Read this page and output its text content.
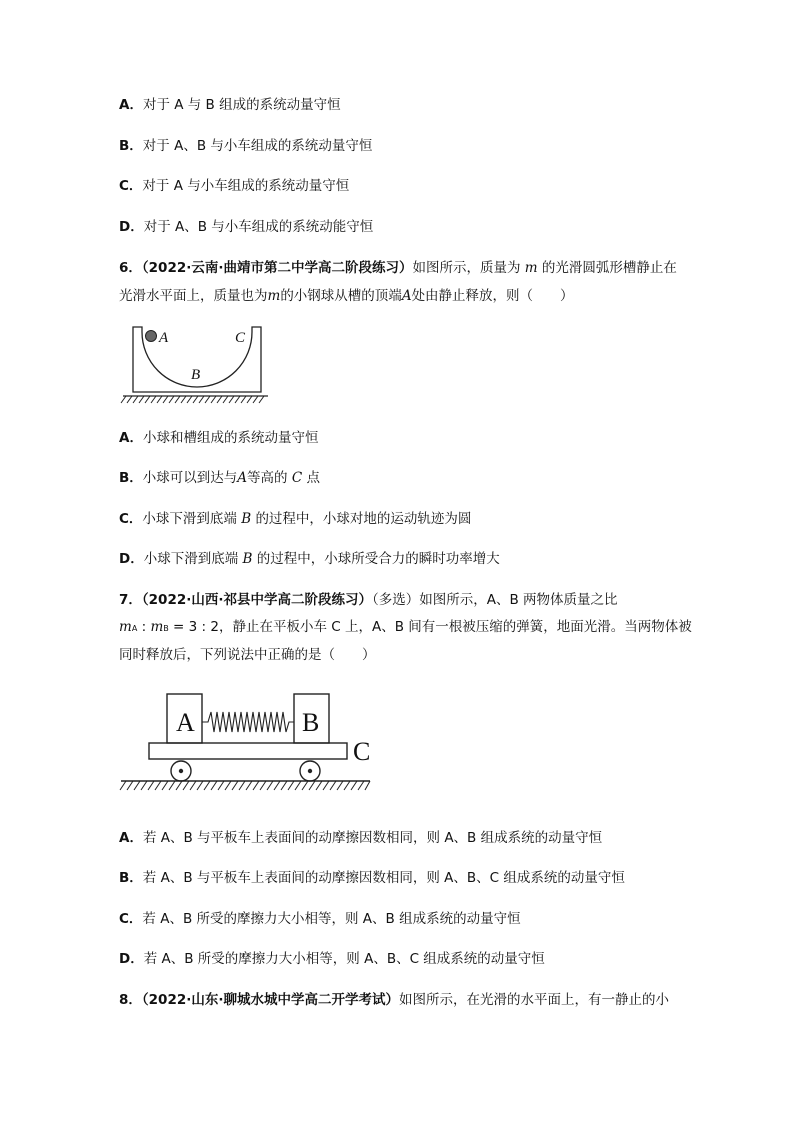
A．对于 A 与 B 组成的系统动量守恒
B．对于 A、B 与小车组成的系统动量守恒
C．对于 A 与小车组成的系统动量守恒
D．对于 A、B 与小车组成的系统动能守恒
6．（2022·云南·曲靖市第二中学高二阶段练习）如图所示，质量为 m 的光滑圆弧形槽静止在
光滑水平面上，质量也为m的小钢球从槽的顶端A处由静止释放，则（　　）
A	C
B
A．小球和槽组成的系统动量守恒
B．小球可以到达与A等高的 C 点
C．小球下滑到底端 B 的过程中，小球对地的运动轨迹为圆
D．小球下滑到底端 B 的过程中，小球所受合力的瞬时功率增大
7．（2022·山西·祁县中学高二阶段练习）（多选）如图所示，A、B 两物体质量之比
mA : mB = 3 : 2，静止在平板小车 C 上，A、B 间有一根被压缩的弹簧，地面光滑。当两物体被
同时释放后，下列说法中正确的是（　　）
A	B
C
A．若 A、B 与平板车上表面间的动摩擦因数相同，则 A、B 组成系统的动量守恒
B．若 A、B 与平板车上表面间的动摩擦因数相同，则 A、B、C 组成系统的动量守恒
C．若 A、B 所受的摩擦力大小相等，则 A、B 组成系统的动量守恒
D．若 A、B 所受的摩擦力大小相等，则 A、B、C 组成系统的动量守恒
8．（2022·山东·聊城水城中学高二开学考试）如图所示，在光滑的水平面上，有一静止的小
